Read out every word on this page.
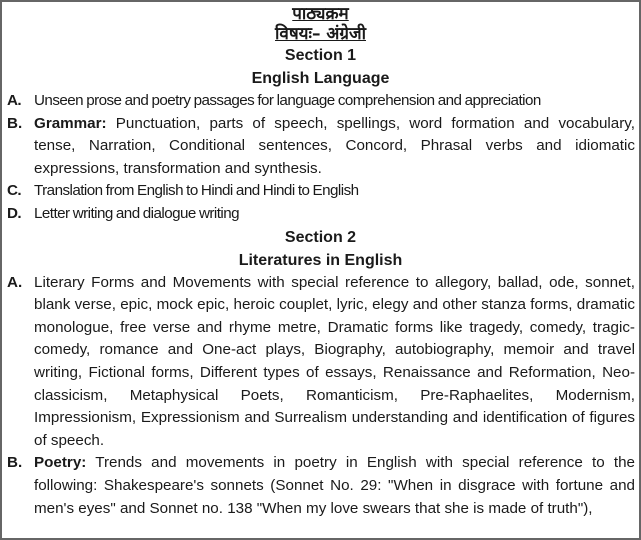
पाठ्यक्रम
विषयः– अंग्रेजी
Section 1
English Language
A. Unseen prose and poetry passages for language comprehension and appreciation
B. Grammar: Punctuation, parts of speech, spellings, word formation and vocabulary, tense, Narration, Conditional sentences, Concord, Phrasal verbs and idiomatic expressions, transformation and synthesis.
C. Translation from English to Hindi and Hindi to English
D. Letter writing and dialogue writing
Section 2
Literatures in English
A. Literary Forms and Movements with special reference to allegory, ballad, ode, sonnet, blank verse, epic, mock epic, heroic couplet, lyric, elegy and other stanza forms, dramatic monologue, free verse and rhyme metre, Dramatic forms like tragedy, comedy, tragic-comedy, romance and One-act plays, Biography, autobiography, memoir and travel writing, Fictional forms, Different types of essays, Renaissance and Reformation, Neo-classicism, Metaphysical Poets, Romanticism, Pre-Raphaelites, Modernism, Impressionism, Expressionism and Surrealism understanding and identification of figures of speech.
B. Poetry: Trends and movements in poetry in English with special reference to the following: Shakespeare's sonnets (Sonnet No. 29: "When in disgrace with fortune and men's eyes" and Sonnet no. 138 "When my love swears that she is made of truth"),
